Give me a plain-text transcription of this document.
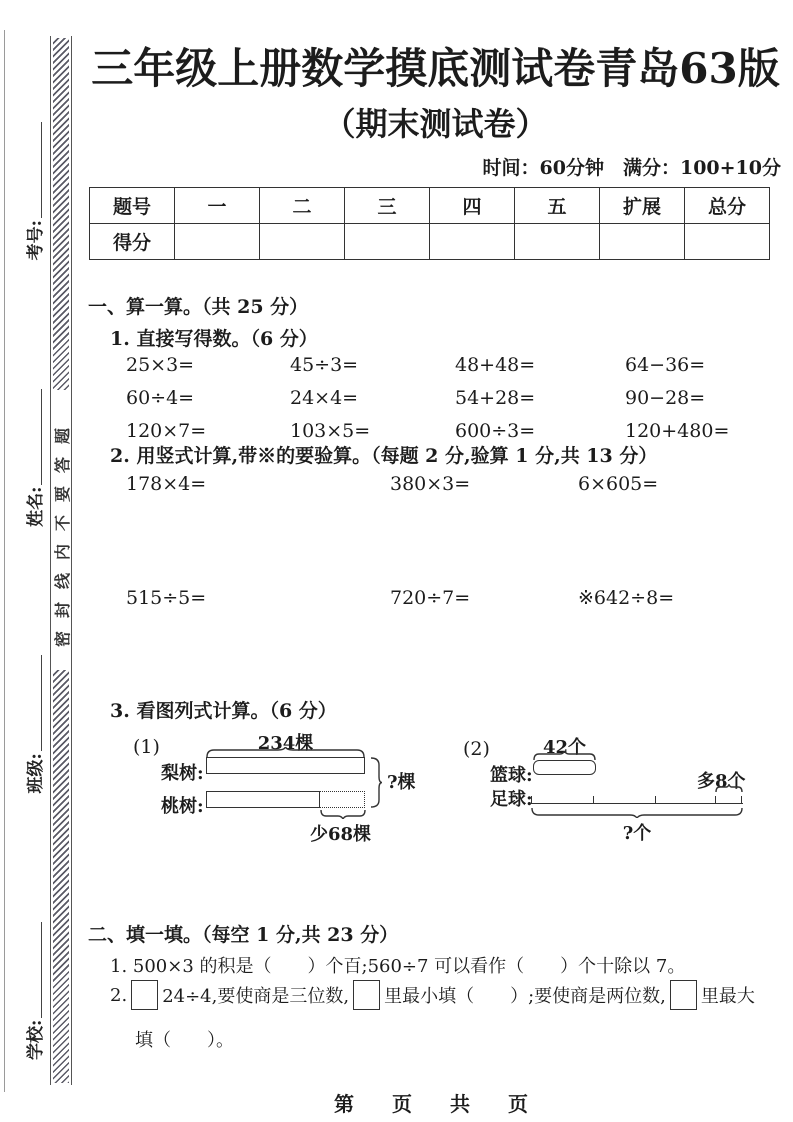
学校:
班级:
姓名:
考号:
密封线内不要答题
三年级上册数学摸底测试卷青岛63版
（期末测试卷）
时间：60分钟　满分：100+10分
题号	一	二	三	四	五	扩展	总分
得分							
一、算一算。（共 25 分）
1. 直接写得数。（6 分）
25×3=	45÷3=	48+48=	64−36=
60÷4=	24×4=	54+28=	90−28=
120×7=	103×5=	600÷3=	120+480=
2. 用竖式计算,带※的要验算。（每题 2 分,验算 1 分,共 13 分）
178×4=	380×3=	6×605=
515÷5=	720÷7=	※642÷8=
3. 看图列式计算。（6 分）
(1)	234棵
梨树:
桃树:
?棵
少68棵
(2)	42个
篮球:
足球:
多8个
?个
二、填一填。（每空 1 分,共 23 分）
1. 500×3 的积是（　　）个百;560÷7 可以看作（　　）个十除以 7。
2. 24÷4,要使商是三位数, 里最小填（　　）;要使商是两位数, 里最大
填（　　）。
第　页　共　页
